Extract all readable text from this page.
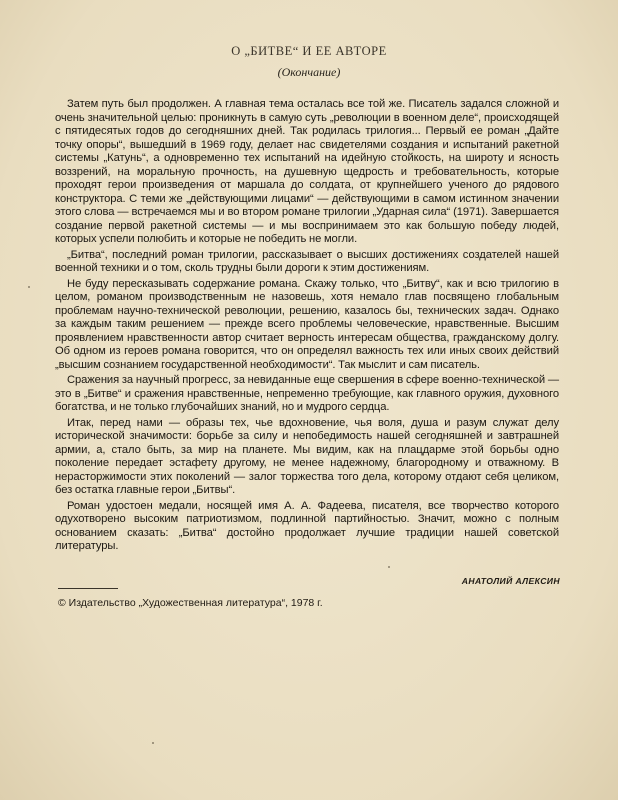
О „БИТВЕ“ И ЕЕ АВТОРЕ
(Окончание)

Затем путь был продолжен. А главная тема осталась все той же. Писатель задался сложной и очень значительной целью: проникнуть в самую суть „революции в военном деле“, происходящей с пятидесятых годов до сегодняшних дней. Так родилась трилогия... Первый ее роман „Дайте точку опоры“, вышедший в 1969 году, делает нас свидетелями создания и испытаний ракетной системы „Катунь“, а одновременно тех испытаний на идейную стойкость, на широту и ясность воззрений, на моральную прочность, на душевную щедрость и требовательность, которые проходят герои произведения от маршала до солдата, от крупнейшего ученого до рядового конструктора. С теми же „действующими лицами“ — действующими в самом истинном значении этого слова — встречаемся мы и во втором романе трилогии „Ударная сила“ (1971). Завершается создание первой ракетной системы — и мы воспринимаем это как большую победу людей, которых успели полюбить и которые не победить не могли.

„Битва“, последний роман трилогии, рассказывает о высших достижениях создателей нашей военной техники и о том, сколь трудны были дороги к этим достижениям.

Не буду пересказывать содержание романа. Скажу только, что „Битву“, как и всю трилогию в целом, романом производственным не назовешь, хотя немало глав посвящено глобальным проблемам научно-технической революции, решению, казалось бы, технических задач. Однако за каждым таким решением — прежде всего проблемы человеческие, нравственные. Высшим проявлением нравственности автор считает верность интересам общества, гражданскому долгу. Об одном из героев романа говорится, что он определял важность тех или иных своих действий „высшим сознанием государственной необходимости“. Так мыслит и сам писатель.

Сражения за научный прогресс, за невиданные еще свершения в сфере военно-технической — это в „Битве“ и сражения нравственные, непременно требующие, как главного оружия, духовного богатства, и не только глубочайших знаний, но и мудрого сердца.

Итак, перед нами — образы тех, чье вдохновение, чья воля, душа и разум служат делу исторической значимости: борьбе за силу и непобедимость нашей сегодняшней и завтрашней армии, а, стало быть, за мир на планете. Мы видим, как на плацдарме этой борьбы одно поколение передает эстафету другому, не менее надежному, благородному и отважному. В нерасторжимости этих поколений — залог торжества того дела, которому отдают себя целиком, без остатка главные герои „Битвы“.

Роман удостоен медали, носящей имя А. А. Фадеева, писателя, все творчество которого одухотворено высоким патриотизмом, подлинной партийностью. Значит, можно с полным основанием сказать: „Битва“ достойно продолжает лучшие традиции нашей советской литературы.

АНАТОЛИЙ АЛЕКСИН
© Издательство „Художественная литература“, 1978 г.
